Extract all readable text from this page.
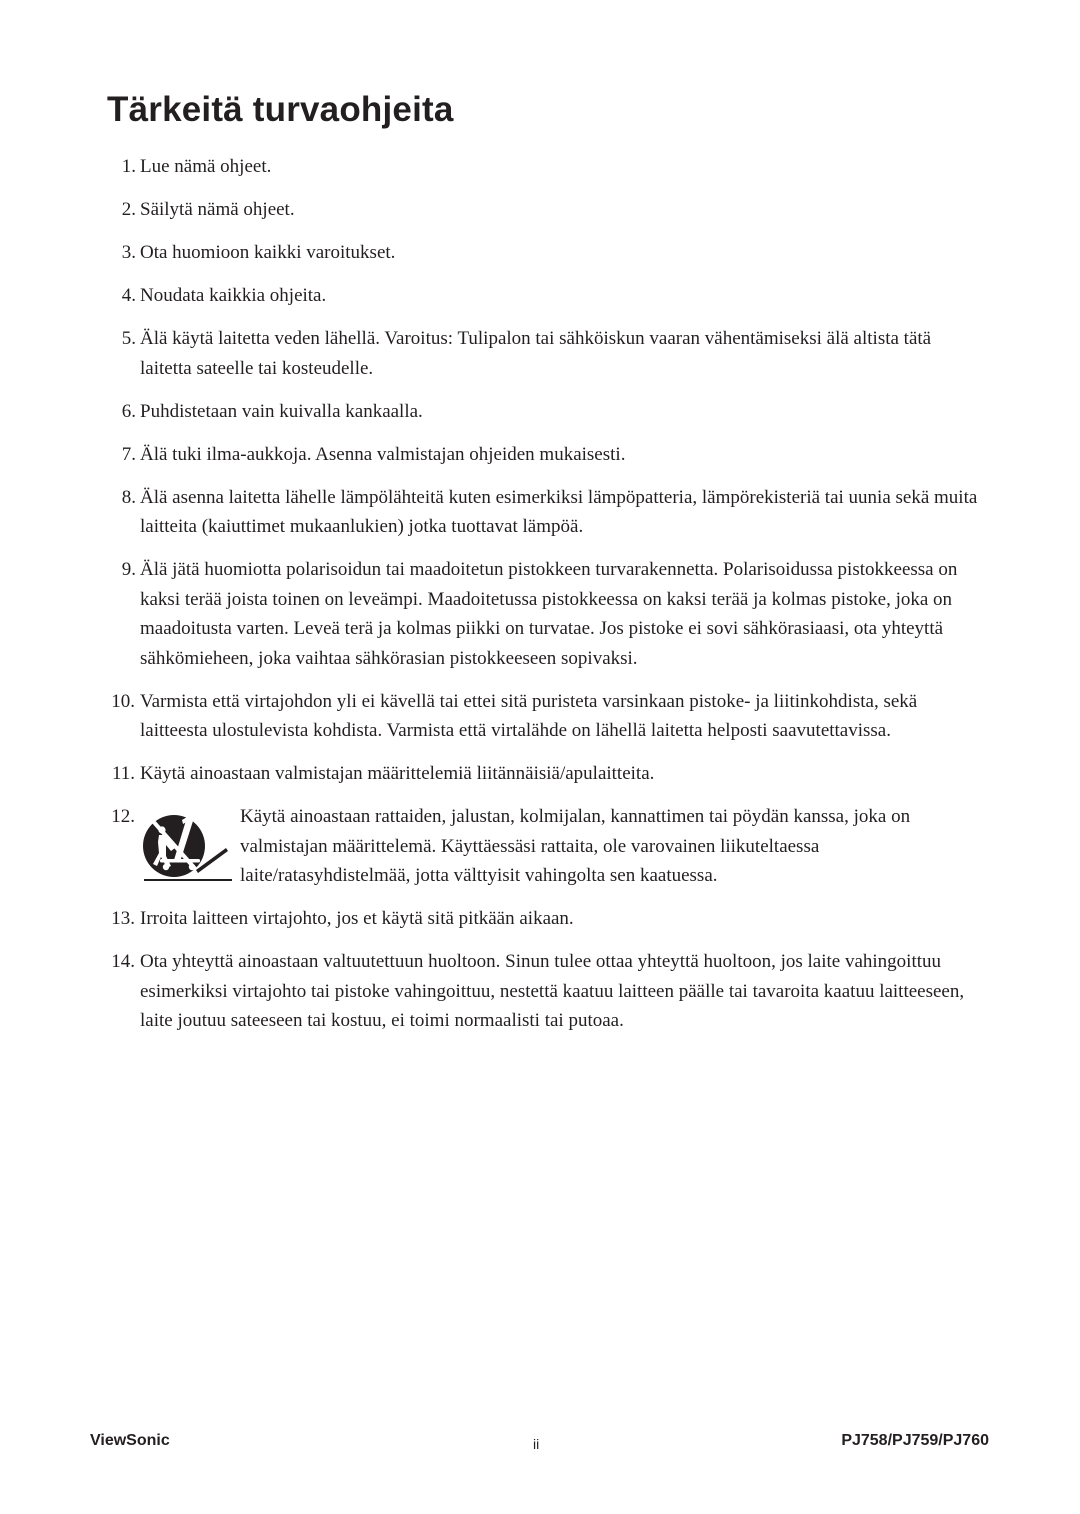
Tärkeitä turvaohjeita
1. Lue nämä ohjeet.
2. Säilytä nämä ohjeet.
3. Ota huomioon kaikki varoitukset.
4. Noudata kaikkia ohjeita.
5. Älä käytä laitetta veden lähellä. Varoitus: Tulipalon tai sähköiskun vaaran vähentämiseksi älä altista tätä laitetta sateelle tai kosteudelle.
6. Puhdistetaan vain kuivalla kankaalla.
7. Älä tuki ilma-aukkoja. Asenna valmistajan ohjeiden mukaisesti.
8. Älä asenna laitetta lähelle lämpölähteitä kuten esimerkiksi lämpöpatteria, lämpörekisteriä tai uunia sekä muita laitteita (kaiuttimet mukaanlukien) jotka tuottavat lämpöä.
9. Älä jätä huomiotta polarisoidun tai maadoitetun pistokkeen turvarakennetta. Polarisoidussa pistokkeessa on kaksi terää joista toinen on leveämpi. Maadoitetussa pistokkeessa on kaksi terää ja kolmas pistoke, joka on maadoitusta varten. Leveä terä ja kolmas piikki on turvatae. Jos pistoke ei sovi sähkörasiaasi, ota yhteyttä sähkömieheen, joka vaihtaa sähkörasian pistokkeeseen sopivaksi.
10. Varmista että virtajohdon yli ei kävellä tai ettei sitä puristeta varsinkaan pistoke- ja liitinkohdista, sekä laitteesta ulostulevista kohdista. Varmista että virtalähde on lähellä laitetta helposti saavutettavissa.
11. Käytä ainoastaan valmistajan määrittelemiä liitännäisiä/apulaitteita.
12.	Käytä ainoastaan rattaiden, jalustan, kolmijalan, kannattimen tai pöydän kanssa, joka on valmistajan määrittelemä. Käyttäessäsi rattaita, ole varovainen liikuteltaessa laite/ratasyhdistelmää, jotta välttyisit vahingolta sen kaatuessa.
13. Irroita laitteen virtajohto, jos et käytä sitä pitkään aikaan.
14. Ota yhteyttä ainoastaan valtuutettuun huoltoon. Sinun tulee ottaa yhteyttä huoltoon, jos laite vahingoittuu esimerkiksi virtajohto tai pistoke vahingoittuu, nestettä kaatuu laitteen päälle tai tavaroita kaatuu laitteeseen, laite joutuu sateeseen tai kostuu, ei toimi normaalisti tai putoaa.
ViewSonic	ii	PJ758/PJ759/PJ760
